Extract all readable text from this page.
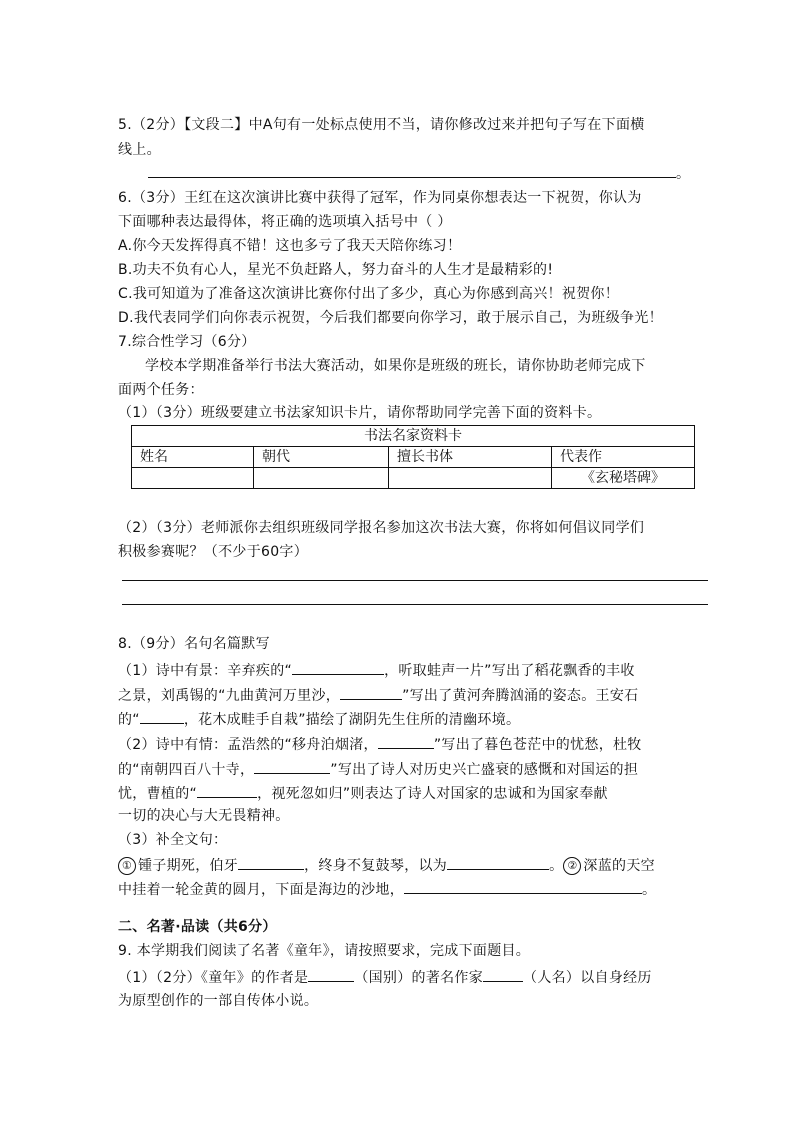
5.（2分）【文段二】中A句有一处标点使用不当，请你修改过来并把句子写在下面横
线上。
。
6.（3分）王红在这次演讲比赛中获得了冠军，作为同桌你想表达一下祝贺，你认为
下面哪种表达最得体，将正确的选项填入括号中（ ）
A.你今天发挥得真不错！这也多亏了我天天陪你练习！
B.功夫不负有心人，星光不负赶路人，努力奋斗的人生才是最精彩的!
C.我可知道为了准备这次演讲比赛你付出了多少，真心为你感到高兴！祝贺你！
D.我代表同学们向你表示祝贺，今后我们都要向你学习，敢于展示自己，为班级争光！
7.综合性学习（6分）
学校本学期准备举行书法大赛活动，如果你是班级的班长，请你协助老师完成下
面两个任务：
（1）（3分）班级要建立书法家知识卡片，请你帮助同学完善下面的资料卡。
书法名家资料卡			
姓名	朝代	擅长书体	代表作
			《玄秘塔碑》
（2）（3分）老师派你去组织班级同学报名参加这次书法大赛，你将如何倡议同学们
积极参赛呢？（不少于60字）
8.（9分）名句名篇默写
（1）诗中有景：辛弃疾的“	，听取蛙声一片”写出了稻花飘香的丰收
之景，刘禹锡的“九曲黄河万里沙，	”写出了黄河奔腾汹涌的姿态。王安石
的“	，花木成畦手自栽”描绘了湖阴先生住所的清幽环境。
（2）诗中有情：孟浩然的“移舟泊烟渚，	”写出了暮色苍茫中的忧愁，杜牧
的“南朝四百八十寺，	”写出了诗人对历史兴亡盛衰的感慨和对国运的担
忧，曹植的“	，视死忽如归”则表达了诗人对国家的忠诚和为国家奉献
一切的决心与大无畏精神。
（3）补全文句：
① 锺子期死，伯牙	，终身不复鼓琴，以为	。 ② 深蓝的天空
中挂着一轮金黄的圆月，下面是海边的沙地，	。
二、名著·品读（共6分）
9. 本学期我们阅读了名著《童年》，请按照要求，完成下面题目。
（1）（2分）《童年》的作者是	（国别）的著名作家	（人名）以自身经历
为原型创作的一部自传体小说。
